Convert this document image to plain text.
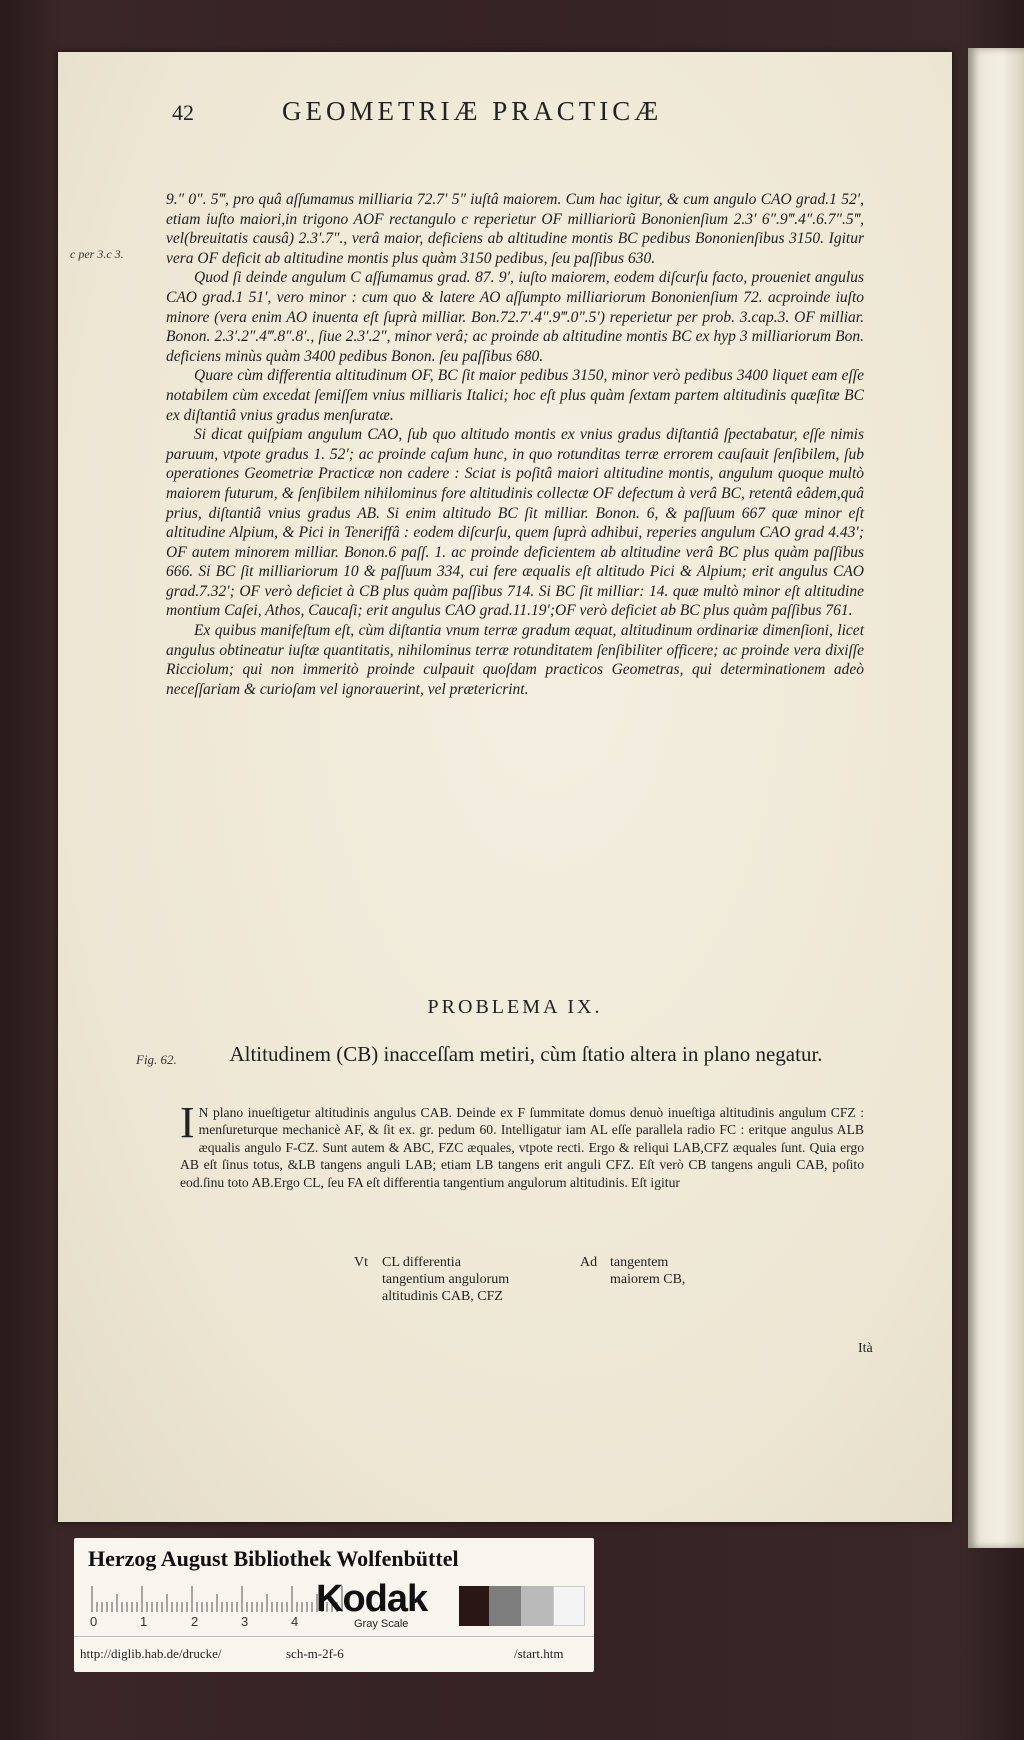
42	GEOMETRIÆ PRACTICÆ
c per 3.c 3.

9.″ 0″. 5‴, pro quâ aſſumamus milliaria 72.7′ 5″ iuſtâ maiorem. Cum hac igitur, & cum angulo CAO grad.1 52′, etiam iuſto maiori,in trigono AOF rectangulo c reperietur OF milliariorũ Bononienſium 2.3′ 6″.9‴.4″.6.7″.5‴, vel(breuitatis causâ) 2.3′.7″., verâ maior, deficiens ab altitudine montis BC pedibus Bononienſibus 3150. Igitur vera OF deficit ab altitudine montis plus quàm 3150 pedibus, ſeu paſſibus 630.

Quod ſi deinde angulum C aſſumamus grad. 87. 9′, iuſto maiorem, eodem diſcurſu facto, proueniet angulus CAO grad.1 51′, vero minor : cum quo & latere AO aſſumpto milliariorum Bononienſium 72. acproinde iuſto minore (vera enim AO inuenta eſt ſuprà milliar. Bon.72.7′.4″.9‴.0″.5′) reperietur per prob. 3.cap.3. OF milliar. Bonon. 2.3′.2″.4‴.8″.8′., ſiue 2.3′.2″, minor verâ; ac proinde ab altitudine montis BC ex hyp 3 milliariorum Bon. deficiens minùs quàm 3400 pedibus Bonon. ſeu paſſibus 680.

Quare cùm differentia altitudinum OF, BC ſit maior pedibus 3150, minor verò pedibus 3400 liquet eam eſſe notabilem cùm excedat ſemiſſem vnius milliaris Italici; hoc eſt plus quàm ſextam partem altitudinis quæſitæ BC ex diſtantiâ vnius gradus menſuratæ.

Si dicat quiſpiam angulum CAO, ſub quo altitudo montis ex vnius gradus diſtantiâ ſpectabatur, eſſe nimis paruum, vtpote gradus 1. 52′; ac proinde caſum hunc, in quo rotunditas terræ errorem cauſauit ſenſibilem, ſub operationes Geometriæ Practicæ non cadere : Sciat is poſitâ maiori altitudine montis, angulum quoque multò maiorem futurum, & ſenſibilem nihilominus fore altitudinis collectæ OF defectum à verâ BC, retentâ eâdem,quâ prius, diſtantiâ vnius gradus AB. Si enim altitudo BC ſit milliar. Bonon. 6, & paſſuum 667 quæ minor eſt altitudine Alpium, & Pici in Teneriffâ : eodem diſcurſu, quem ſuprà adhibui, reperies angulum CAO grad 4.43′; OF autem minorem milliar. Bonon.6 paſſ. 1. ac proinde deficientem ab altitudine verâ BC plus quàm paſſibus 666. Si BC ſit milliariorum 10 & paſſuum 334, cui fere æqualis eſt altitudo Pici & Alpium; erit angulus CAO grad.7.32′; OF verò deficiet à CB plus quàm paſſibus 714. Si BC ſit milliar: 14. quæ multò minor eſt altitudine montium Caſei, Athos, Caucaſi; erit angulus CAO grad.11.19′;OF verò deficiet ab BC plus quàm paſſibus 761.

Ex quibus manifeſtum eſt, cùm diſtantia vnum terræ gradum æquat, altitudinum ordinariæ dimenſioni, licet angulus obtineatur iuſtæ quantitatis, nihilominus terræ rotunditatem ſenſibiliter officere; ac proinde vera dixiſſe Ricciolum; qui non immeritò proinde culpauit quoſdam practicos Geometras, qui determinationem adeò neceſſariam & curioſam vel ignorauerint, vel prætericrint.

PROBLEMA IX.
Fig. 62.	Altitudinem (CB) inacceſſam metiri, cùm ſtatio altera in plano negatur.
I N plano inueſtigetur altitudinis angulus CAB. Deinde ex F ſummitate domus denuò inueſtiga altitudinis angulum CFZ : menſureturque mechanicè AF, & ſit ex. gr. pedum 60. Intelligatur iam AL eſſe parallela radio FC : eritque angulus ALB æqualis angulo F-CZ. Sunt autem & ABC, FZC æquales, vtpote recti. Ergo & reliqui LAB,CFZ æquales ſunt. Quia ergo AB eſt ſinus totus, &LB tangens anguli LAB; etiam LB tangens erit anguli CFZ. Eſt verò CB tangens anguli CAB, poſito eod.ſinu toto AB.Ergo CL, ſeu FA eſt differentia tangentium angulorum altitudinis. Eſt igitur
Vt CL differentia
tangentium angulorum
altitudinis CAB, CFZ
Ad tangentem
maiorem CB,
Ità
Herzog August Bibliothek Wolfenbüttel
0	1	2	3	4
Kodak
Gray Scale
http://diglib.hab.de/drucke/	sch-m-2f-6	/start.htm
